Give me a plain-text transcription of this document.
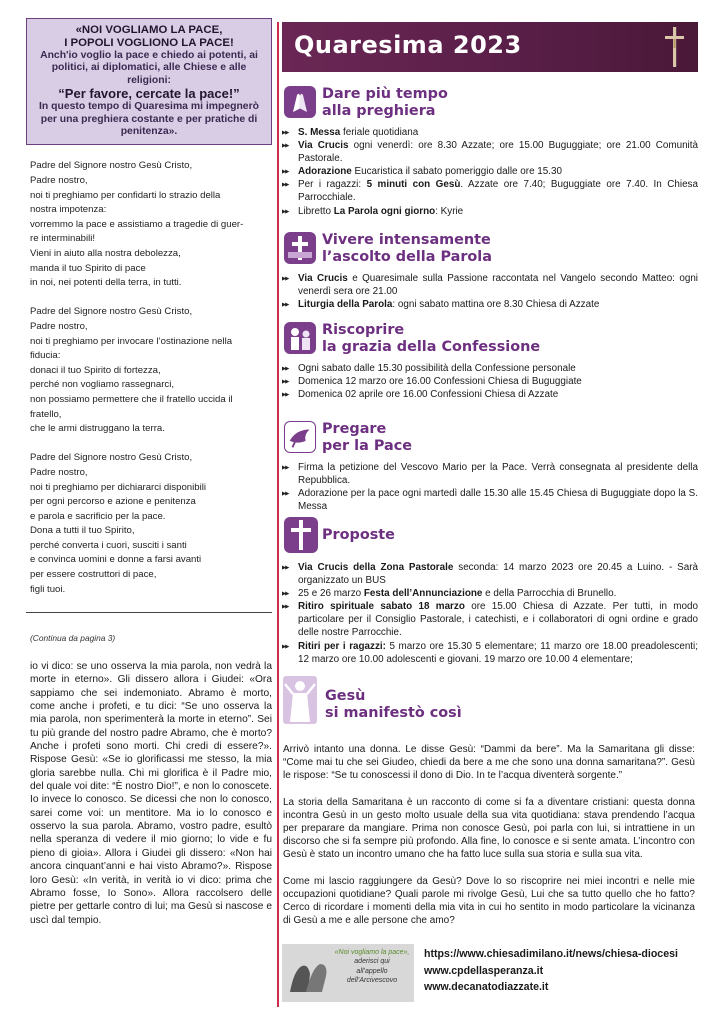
«NOI VOGLIAMO LA PACE,
I POPOLI VOGLIONO LA PACE!
Anch'io voglio la pace e chiedo ai potenti, ai politici, ai diplomatici, alle Chiese e alle religioni:
“Per favore, cercate la pace!”
In questo tempo di Quaresima mi impegnerò per una preghiera costante e per pratiche di penitenza».
Padre del Signore nostro Gesù Cristo,
Padre nostro,
noi ti preghiamo per confidarti lo strazio della
nostra impotenza:
vorremmo la pace e assistiamo a tragedie di guer-
re interminabili!
Vieni in aiuto alla nostra debolezza,
manda il tuo Spirito di pace
in noi, nei potenti della terra, in tutti.
Padre del Signore nostro Gesù Cristo,
Padre nostro,
noi ti preghiamo per invocare l’ostinazione nella
fiducia:
donaci il tuo Spirito di fortezza,
perché non vogliamo rassegnarci,
non possiamo permettere che il fratello uccida il
fratello,
che le armi distruggano la terra.
Padre del Signore nostro Gesù Cristo,
Padre nostro,
noi ti preghiamo per dichiararci disponibili
per ogni percorso e azione e penitenza
e parola e sacrificio per la pace.
Dona a tutti il tuo Spirito,
perché converta i cuori, susciti i santi
e convinca uomini e donne a farsi avanti
per essere costruttori di pace,
figli tuoi.
(Continua da pagina 3)
io vi dico: se uno osserva la mia parola, non vedrà la morte in eterno». Gli dissero allora i Giudei: «Ora sappiamo che sei indemoniato. Abramo è morto, come anche i profeti, e tu dici: “Se uno osserva la mia parola, non sperimenterà la morte in eterno”. Sei tu più grande del nostro padre Abramo, che è morto? Anche i profeti sono morti. Chi credi di essere?». Rispose Gesù: «Se io glorificassi me stesso, la mia gloria sarebbe nulla. Chi mi glorifica è il Padre mio, del quale voi dite: “È nostro Dio!”, e non lo conoscete. Io invece lo conosco. Se dicessi che non lo conosco, sarei come voi: un mentitore. Ma io lo conosco e osservo la sua parola. Abramo, vostro padre, esultò nella speranza di vedere il mio giorno; lo vide e fu pieno di gioia». Allora i Giudei gli dissero: «Non hai ancora cinquant’anni e hai visto Abramo?». Rispose loro Gesù: «In verità, in verità io vi dico: prima che Abramo fosse, Io Sono». Allora raccolsero delle pietre per gettarle contro di lui; ma Gesù si nascose e uscì dal tempio.
Quaresima 2023
Dare più tempo
alla preghiera
▶▶ S. Messa feriale quotidiana
▶▶ Via Crucis ogni venerdì: ore 8.30 Azzate; ore 15.00 Buguggiate; ore 21.00 Comunità Pastorale.
▶▶ Adorazione Eucaristica il sabato pomeriggio dalle ore 15.30
▶▶ Per i ragazzi: 5 minuti con Gesù. Azzate ore 7.40; Buguggiate ore 7.40. In Chiesa Parrocchiale.
▶▶ Libretto La Parola ogni giorno: Kyrie
Vivere intensamente
l’ascolto della Parola
▶▶ Via Crucis e Quaresimale sulla Passione raccontata nel Vangelo secondo Matteo: ogni venerdì sera ore 21.00
▶▶ Liturgia della Parola: ogni sabato mattina ore 8.30 Chiesa di Azzate
Riscoprire
la grazia della Confessione
▶▶ Ogni sabato dalle 15.30 possibilità della Confessione personale
▶▶ Domenica 12 marzo ore 16.00 Confessioni Chiesa di Buguggiate
▶▶ Domenica 02 aprile ore 16.00 Confessioni Chiesa di Azzate
Pregare
per la Pace
▶▶ Firma la petizione del Vescovo Mario per la Pace. Verrà consegnata al presidente della Repubblica.
▶▶ Adorazione per la pace ogni martedì dalle 15.30 alle 15.45 Chiesa di Buguggiate dopo la S. Messa
Proposte
▶▶ Via Crucis della Zona Pastorale seconda: 14 marzo 2023 ore 20.45 a Luino. - Sarà organizzato un BUS
▶▶ 25 e 26 marzo Festa dell’Annunciazione e della Parrocchia di Brunello.
▶▶ Ritiro spirituale sabato 18 marzo ore 15.00 Chiesa di Azzate. Per tutti, in modo particolare per il Consiglio Pastorale, i catechisti, e i collaboratori di ogni ordine e grado delle nostre Parrocchie.
▶▶ Ritiri per i ragazzi: 5 marzo ore 15.30 5 elementare; 11 marzo ore 18.00 preadolescenti; 12 marzo ore 10.00 adolescenti e giovani. 19 marzo ore 10.00 4 elementare;
Gesù
si manifestò così

Arrivò intanto una donna. Le disse Gesù: “Dammi da bere”. Ma la Samaritana gli disse: “Come mai tu che sei Giudeo, chiedi da bere a me che sono una donna samaritana?”. Gesù le rispose: “Se tu conoscessi il dono di Dio. In te l’acqua diventerà sorgente.”

La storia della Samaritana è un racconto di come si fa a diventare cristiani: questa donna incontra Gesù in un gesto molto usuale della sua vita quotidiana: stava prendendo l’acqua per preparare da mangiare. Prima non conosce Gesù, poi parla con lui, si intrattiene in un discorso che si fa sempre più profondo. Alla fine, lo conosce e si sente amata. L’incontro con Gesù è stato un incontro umano che ha fatto luce sulla sua storia e sulla sua vita.

Come mi lascio raggiungere da Gesù? Dove lo so riscoprire nei miei incontri e nelle mie occupazioni quotidiane? Quali parole mi rivolge Gesù, Lui che sa tutto quello che ho fatto? Cerco di ricordare i momenti della mia vita in cui ho sentito in modo particolare la vicinanza di Gesù a me e alle persone che amo?

«Noi vogliamo la pace»,
aderisci qui
all’appello
dell’Arcivescovo
https://www.chiesadimilano.it/news/chiesa-diocesi
www.cpdellasperanza.it
www.decanatodiazzate.it
